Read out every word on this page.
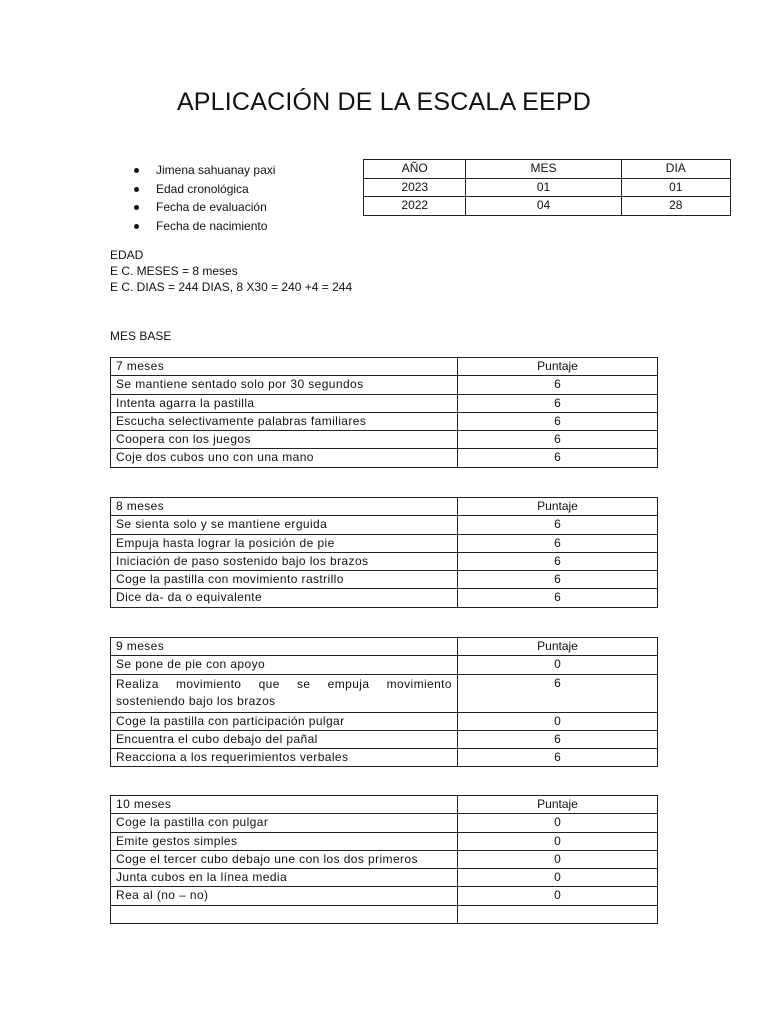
APLICACIÓN DE LA ESCALA EEPD
Jimena sahuanay paxi
Edad cronológica
Fecha de evaluación
Fecha de nacimiento
AÑO	MES	DIA
2023	01	01
2022	04	28
EDAD
E C. MESES = 8 meses
E C. DIAS = 244 DIAS, 8 X30 = 240 +4 = 244
MES BASE
7 meses	Puntaje
Se mantiene sentado solo por 30 segundos	6
Intenta agarra la pastilla	6
Escucha selectivamente palabras familiares	6
Coopera con los juegos	6
Coje dos cubos uno con una mano	6
8 meses	Puntaje
Se sienta solo y se mantiene erguida	6
Empuja hasta lograr la posición de pie	6
Iniciación de paso sostenido bajo los brazos	6
Coge la pastilla con movimiento rastrillo	6
Dice da- da o equivalente	6
9 meses	Puntaje
Se pone de pie con apoyo	0
Realiza movimiento que se empuja movimiento sosteniendo bajo los brazos	6
Coge la pastilla con participación pulgar	0
Encuentra el cubo debajo del pañal	6
Reacciona a los requerimientos verbales	6
10 meses	Puntaje
Coge la pastilla con pulgar	0
Emite gestos simples	0
Coge el tercer cubo debajo une con los dos primeros	0
Junta cubos en la línea media	0
Rea al (no – no)	0
